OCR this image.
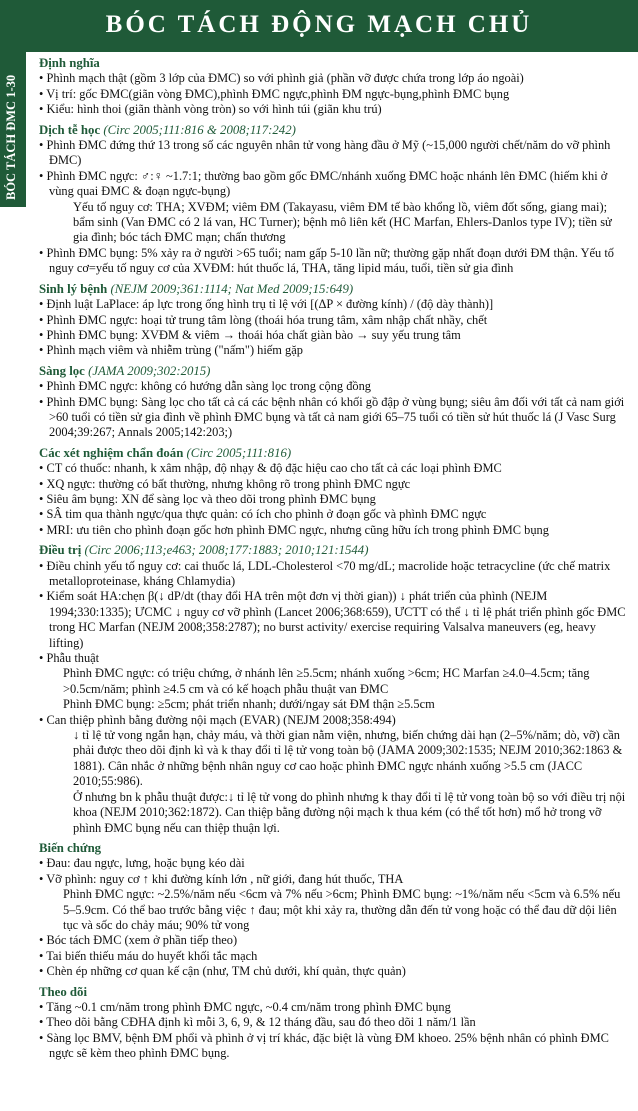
BÓC TÁCH ĐỘNG MẠCH CHỦ
BÓC TÁCH ĐMC 1-30
Định nghĩa
• Phình mạch thật (gồm 3 lớp của ĐMC) so với phình giả (phần vỡ được chứa trong lớp áo ngoài)
• Vị trí: gốc ĐMC(giãn vòng ĐMC),phình ĐMC ngực,phình ĐM ngực-bụng,phình ĐMC bụng
• Kiểu: hình thoi (giãn thành vòng tròn) so với hình túi (giãn khu trú)
Dịch tễ học (Circ 2005;111:816 & 2008;117:242)
• Phình ĐMC đứng thứ 13 trong số các nguyên nhân tử vong hàng đầu ở Mỹ (~15,000 người chết/năm do vỡ phình ĐMC)
• Phình ĐMC ngực: ♂:♀ ~1.7:1; thường bao gồm gốc ĐMC/nhánh xuống ĐMC hoặc nhánh lên ĐMC (hiếm khi ở vùng quai ĐMC & đoạn ngực-bụng)
Yếu tố nguy cơ: THA; XVĐM; viêm ĐM (Takayasu, viêm ĐM tế bào khổng lồ, viêm đốt sống, giang mai); bẩm sinh (Van ĐMC có 2 lá van, HC Turner); bệnh mô liên kết (HC Marfan, Ehlers-Danlos type IV); tiền sử gia đình; bóc tách ĐMC mạn; chấn thương
• Phình ĐMC bụng: 5% xảy ra ở người >65 tuổi; nam gấp 5-10 lần nữ; thường gặp nhất đoạn dưới ĐM thận. Yếu tố nguy cơ=yếu tố nguy cơ của XVĐM: hút thuốc lá, THA, tăng lipid máu, tuổi, tiền sử gia đình
Sinh lý bệnh (NEJM 2009;361:1114; Nat Med 2009;15:649)
• Định luật LaPlace: áp lực trong ống hình trụ tỉ lệ với [(ΔP × đường kính) / (độ dày thành)]
• Phình ĐMC ngực: hoại tử trung tâm lòng (thoái hóa trung tâm, xâm nhập chất nhầy, chết
• Phình ĐMC bụng: XVĐM & viêm → thoái hóa chất giàn bào → suy yếu trung tâm
• Phình mạch viêm và nhiễm trùng ("nấm") hiếm gặp
Sàng lọc (JAMA 2009;302:2015)
• Phình ĐMC ngực: không có hướng dẫn sàng lọc trong cộng đồng
• Phình ĐMC bụng: Sàng lọc cho tất cả cá các bệnh nhân có khối gồ đập ở vùng bụng; siêu âm đối với tất cả nam giới >60 tuổi có tiền sử gia đình về phình ĐMC bụng và tất cả nam giới 65–75 tuổi có tiền sử hút thuốc lá (J Vasc Surg 2004;39:267; Annals 2005;142:203;)
Các xét nghiệm chẩn đoán (Circ 2005;111:816)
• CT có thuốc: nhanh, k xâm nhập, độ nhạy & độ đặc hiệu cao cho tất cả các loại phình ĐMC
• XQ ngực: thường có bất thường, nhưng không rõ trong phình ĐMC ngực
• Siêu âm bụng: XN để sàng lọc và theo dõi trong phình ĐMC bụng
• SÂ tim qua thành ngực/qua thực quản: có ích cho phình ở đoạn gốc và phình ĐMC ngực
• MRI: ưu tiên cho phình đoạn gốc hơn phình ĐMC ngực, nhưng cũng hữu ích trong phình ĐMC bụng
Điều trị (Circ 2006;113;e463; 2008;177:1883; 2010;121:1544)
• Điều chỉnh yếu tố nguy cơ: cai thuốc lá, LDL-Cholesterol <70 mg/dL; macrolide hoặc tetracycline (ức chế matrix metalloproteinase, kháng Chlamydia)
• Kiểm soát HA:chẹn β(↓ dP/dt (thay đổi HA trên một đơn vị thời gian)) ↓ phát triển của phình (NEJM 1994;330:1335); ƯCMC ↓ nguy cơ vỡ phình (Lancet 2006;368:659), ƯCTT có thể ↓ tỉ lệ phát triển phình gốc ĐMC trong HC Marfan (NEJM 2008;358:2787); no burst activity/ exercise requiring Valsalva maneuvers (eg, heavy lifting)
• Phẫu thuật
Phình ĐMC ngực: có triệu chứng, ở nhánh lên ≥5.5cm; nhánh xuống >6cm; HC Marfan ≥4.0–4.5cm; tăng >0.5cm/năm; phình ≥4.5 cm và có kế hoạch phẫu thuật van ĐMC
Phình ĐMC bụng: ≥5cm; phát triển nhanh; dưới/ngay sát ĐM thận ≥5.5cm
• Can thiệp phình bằng đường nội mạch (EVAR) (NEJM 2008;358:494)
↓ tỉ lệ tử vong ngắn hạn, chảy máu, và thời gian nằm viện, nhưng, biến chứng dài hạn (2–5%/năm; dò, vỡ) cần phải được theo dõi định kì và k thay đổi tỉ lệ tử vong toàn bộ (JAMA 2009;302:1535; NEJM 2010;362:1863 & 1881). Cân nhắc ở những bệnh nhân nguy cơ cao hoặc phình ĐMC ngực nhánh xuống >5.5 cm (JACC 2010;55:986).
Ở nhưng bn k phẫu thuật được:↓ tỉ lệ tử vong do phình nhưng k thay đổi tỉ lệ tử vong toàn bộ so với điều trị nội khoa (NEJM 2010;362:1872). Can thiệp bằng đường nội mạch k thua kém (có thể tốt hơn) mổ hở trong vỡ phình ĐMC bụng nếu can thiệp thuận lợi.
Biến chứng
• Đau: đau ngực, lưng, hoặc bụng kéo dài
• Vỡ phình: nguy cơ ↑ khi đường kính lớn , nữ giới, đang hút thuốc, THA
Phình ĐMC ngực: ~2.5%/năm nếu <6cm và 7% nếu >6cm; Phình ĐMC bụng: ~1%/năm nếu <5cm và 6.5% nếu 5–5.9cm. Có thể bao trước bằng việc ↑ đau; một khi xảy ra, thường dẫn đến tử vong hoặc có thể đau dữ dội liên tục và sốc do chảy máu; 90% tử vong
• Bóc tách ĐMC (xem ở phần tiếp theo)
• Tai biến thiếu máu do huyết khối tắc mạch
• Chèn ép những cơ quan kế cận (như, TM chủ dưới, khí quản, thực quản)
Theo dõi
• Tăng ~0.1 cm/năm trong phình ĐMC ngực, ~0.4 cm/năm trong phình ĐMC bụng
• Theo dõi bằng CĐHA định kì mỗi 3, 6, 9, & 12 tháng đầu, sau đó theo dõi 1 năm/1 lần
• Sàng lọc BMV, bệnh ĐM phổi và phình ở vị trí khác, đặc biệt là vùng ĐM khoeo. 25% bệnh nhân có phình ĐMC ngực sẽ kèm theo phình ĐMC bụng.
